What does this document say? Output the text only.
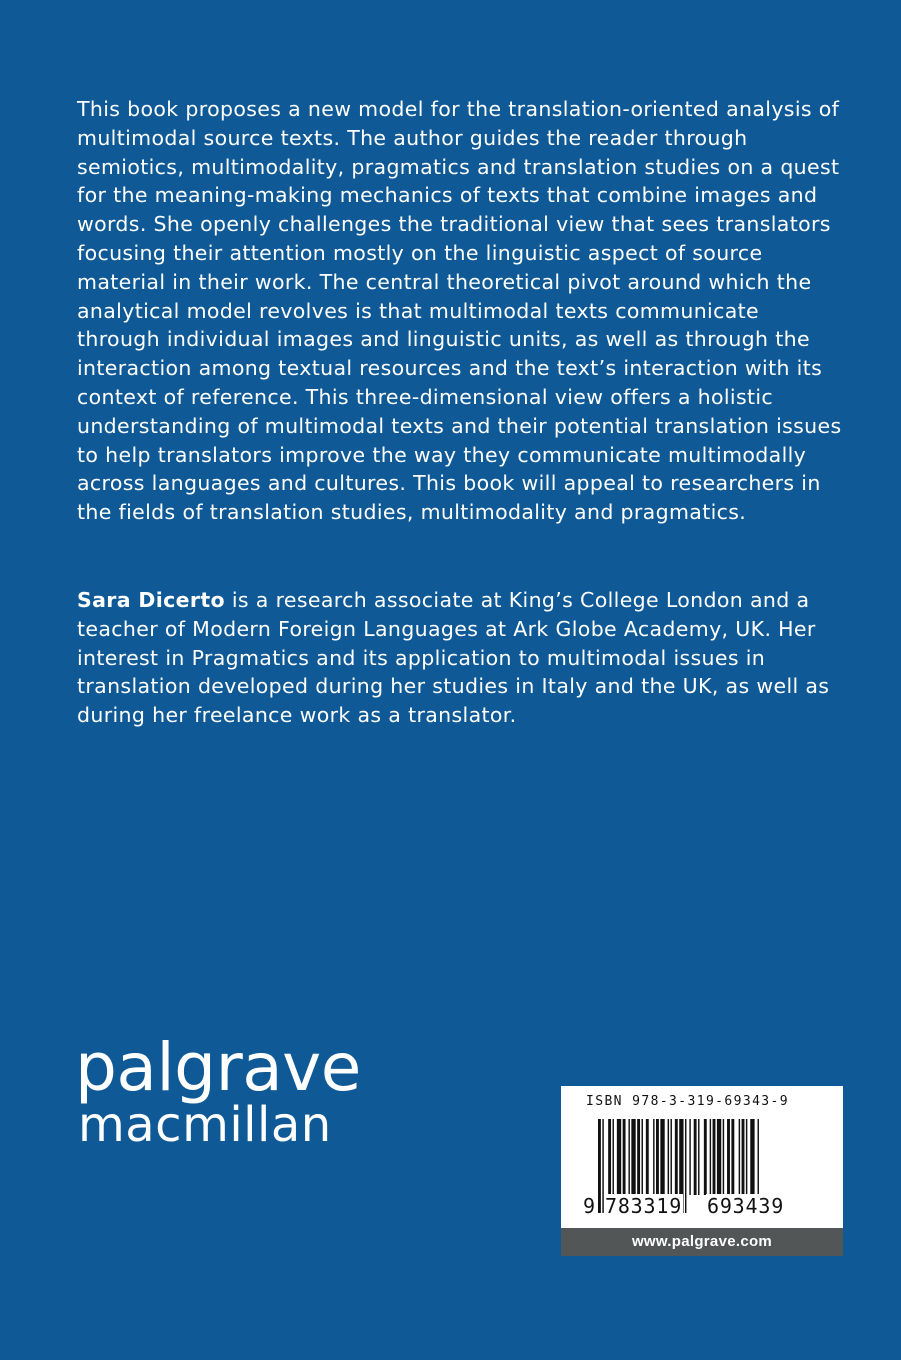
This book proposes a new model for the translation-oriented analysis of multimodal source texts. The author guides the reader through semiotics, multimodality, pragmatics and translation studies on a quest for the meaning-making mechanics of texts that combine images and words. She openly challenges the traditional view that sees translators focusing their attention mostly on the linguistic aspect of source material in their work. The central theoretical pivot around which the analytical model revolves is that multimodal texts communicate through individual images and linguistic units, as well as through the interaction among textual resources and the text’s interaction with its context of reference. This three-dimensional view offers a holistic understanding of multimodal texts and their potential translation issues to help translators improve the way they communicate multimodally across languages and cultures. This book will appeal to researchers in the fields of translation studies, multimodality and pragmatics.

Sara Dicerto is a research associate at King’s College London and a teacher of Modern Foreign Languages at Ark Globe Academy, UK. Her interest in Pragmatics and its application to multimodal issues in translation developed during her studies in Italy and the UK, as well as during her freelance work as a translator.

palgrave
macmillan	ISBN 978-3-319-69343-9
9 783319 693439
www.palgrave.com
